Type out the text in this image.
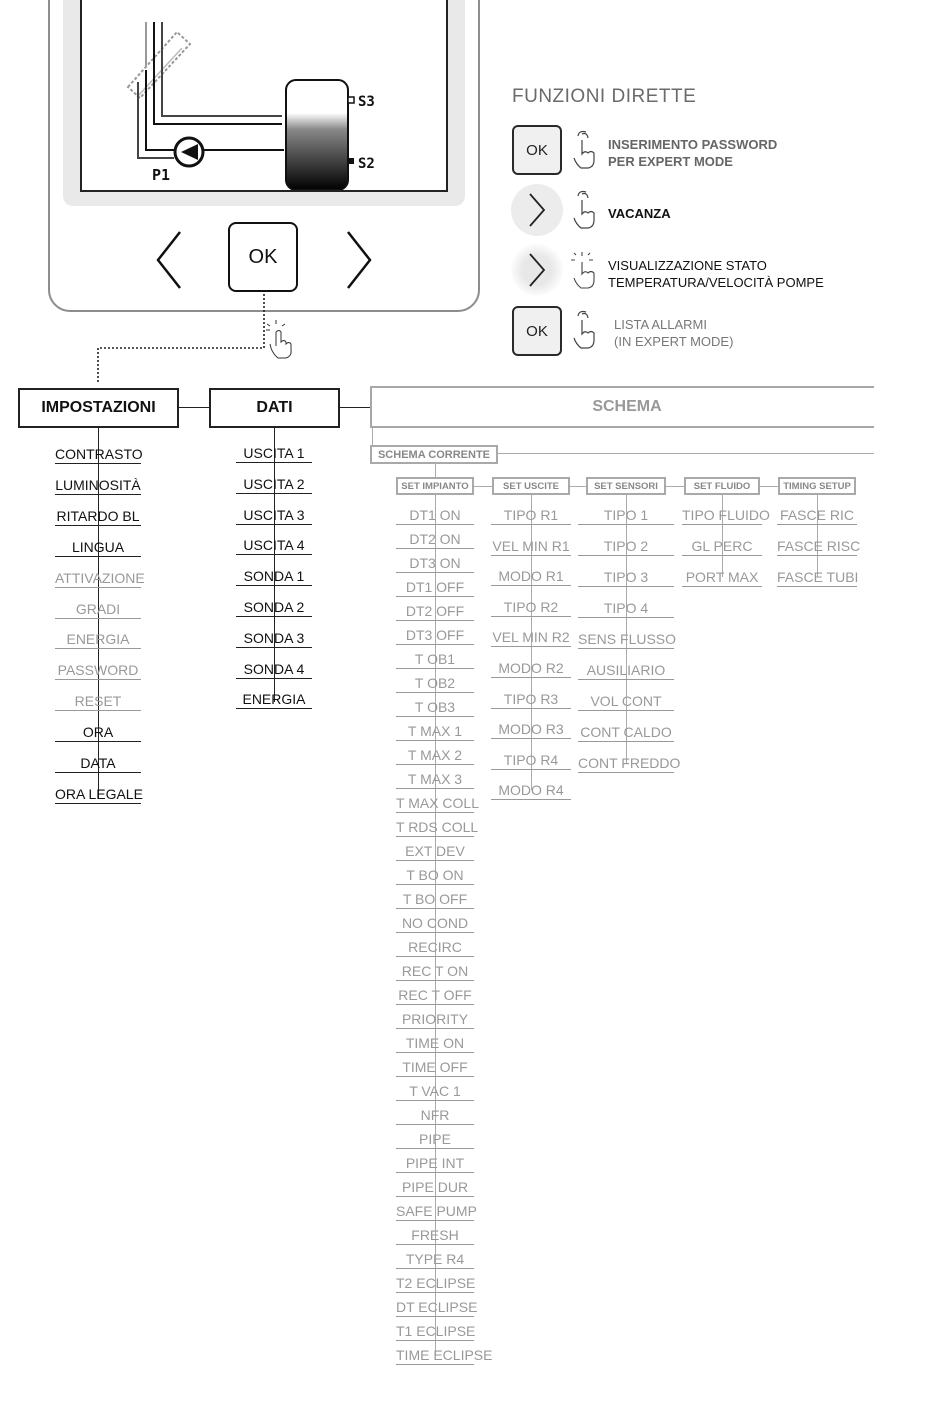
P1
S3
S2
OK
FUNZIONI DIRETTE
OK	INSERIMENTO PASSWORD
PER EXPERT MODE
VACANZA
VISUALIZZAZIONE STATO
TEMPERATURA/VELOCITÀ POMPE
OK	LISTA ALLARMI
(IN EXPERT MODE)
IMPOSTAZIONI	DATI	SCHEMA
CONTRASTO
LUMINOSITÀ
RITARDO BL
LINGUA
ATTIVAZIONE
GRADI
ENERGIA
PASSWORD
RESET
ORA
DATA
ORA LEGALE
USCITA 1
USCITA 2
USCITA 3
USCITA 4
SONDA 1
SONDA 2
SONDA 3
SONDA 4
ENERGIA
SCHEMA CORRENTE
SET IMPIANTO
DT1 ON
DT2 ON
DT3 ON
DT1 OFF
DT2 OFF
DT3 OFF
T OB1
T OB2
T OB3
T MAX 1
T MAX 2
T MAX 3
T MAX COLL
T RDS COLL
EXT DEV
T BO ON
T BO OFF
NO COND
RECIRC
REC T ON
REC T OFF
PRIORITY
TIME ON
TIME OFF
T VAC 1
NFR
PIPE
PIPE INT
PIPE DUR
SAFE PUMP
FRESH
TYPE R4
T2 ECLIPSE
DT ECLIPSE
T1 ECLIPSE
TIME ECLIPSE
SET USCITE
TIPO R1
VEL MIN R1
MODO R1
TIPO R2
VEL MIN R2
MODO R2
TIPO R3
MODO R3
TIPO R4
MODO R4
SET SENSORI
TIPO 1
TIPO 2
TIPO 3
TIPO 4
SENS FLUSSO
AUSILIARIO
VOL CONT
CONT CALDO
CONT FREDDO
SET FLUIDO
TIPO FLUIDO
GL PERC
PORT MAX
TIMING SETUP
FASCE RIC
FASCE RISC
FASCE TUBI
